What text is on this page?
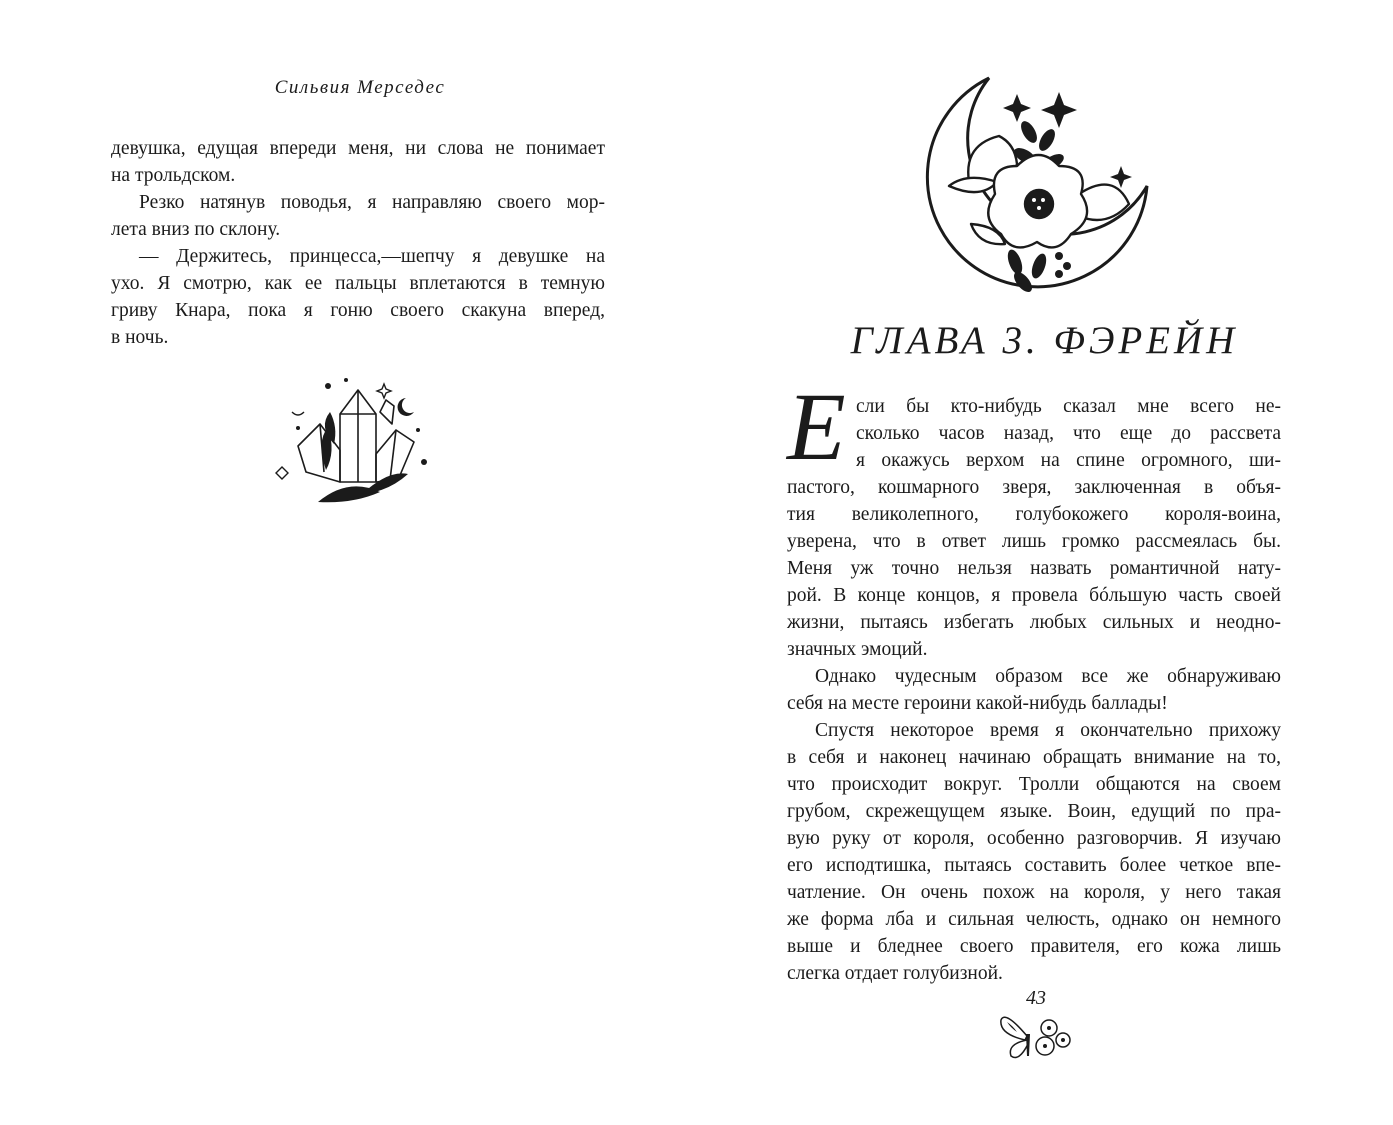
Сильвия Мерседес
девушка, едущая впереди меня, ни слова не понимает
на трольдском.
Резко натянув поводья, я направляю своего мор-
лета вниз по склону.
— Держитесь, принцесса,—шепчу я девушке на
ухо. Я смотрю, как ее пальцы вплетаются в темную
гриву Кнара, пока я гоню своего скакуна вперед,
в ночь.	ГЛАВА 3. ФЭРЕЙН
Е сли бы кто-нибудь сказал мне всего не-
сколько часов назад, что еще до рассвета
я окажусь верхом на спине огромного, ши-
пастого, кошмарного зверя, заключенная в объя-
тия великолепного, голубокожего короля-воина,
уверена, что в ответ лишь громко рассмеялась бы.
Меня уж точно нельзя назвать романтичной нату-
рой. В конце концов, я провела бóльшую часть своей
жизни, пытаясь избегать любых сильных и неодно-
значных эмоций.
Однако чудесным образом все же обнаруживаю
себя на месте героини какой-нибудь баллады!
Спустя некоторое время я окончательно прихожу
в себя и наконец начинаю обращать внимание на то,
что происходит вокруг. Тролли общаются на своем
грубом, скрежещущем языке. Воин, едущий по пра-
вую руку от короля, особенно разговорчив. Я изучаю
его исподтишка, пытаясь составить более четкое впе-
чатление. Он очень похож на короля, у него такая
же форма лба и сильная челюсть, однако он немного
выше и бледнее своего правителя, его кожа лишь
слегка отдает голубизной.
43
